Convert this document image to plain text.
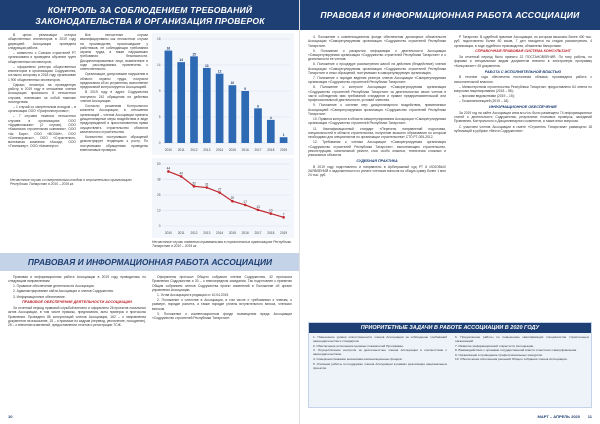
КОНТРОЛЬ ЗА СОБЛЮДЕНИЕМ ТРЕБОВАНИЙ ЗАКОНОДАТЕЛЬСТВА И ОРГАНИЗАЦИЯ ПРОВЕРОК

В целях реализации статуса общественных инспекторов в 2019 году дирекцией Ассоциации проведена следующая работа:

– совместно с Союзом строителей РТ организована и проведена обучение групп общественных инспекторов;

– оформлены реестры общественных инспекторов в организациях Содружества, согласно которому в 2018 году организован 1 900 общественных инспекторов.

Однако, несмотря на проведенную работу, в 2019 году в отношении членов Ассоциации произошло 8 несчастных случаев, повлекших за собой тяжелые последствия:

– 1 случай со смертельным исходом – в организации ООО «Графтэлектроникс»;

– 7 случаев тяжелых несчастных случаев в организациях: ООО «Ардаволжская» (2 случая), ООО «Казанская строительная компания», ООО «Ак Барс», ООО «ВОЗАН», ООО «Синеморовскс», ООО «Строительно-монтажная компания «Аскад», ООО «Татинжеер», ООО «Камэнерго».

Все несчастные случаи квалифицированы как несчастные случаи на производстве, произошедшие у работников, не соблюдающих требования охраны труда, а также нарушивших требования безопасности. Дисциплинированные лица, выявленные в ходе расследования, привлечены к ответственности.

Организации, допустившие нарушения в области охраны труда, получили предписания об их устранении, выполнение предписаний контролируется Ассоциацией.

В 2019 году в адрес Содружества поступило 242 обращения на действия членов Ассоциации.

Согласно решениям Контрольного комитета Ассоциации, в отношении организаций – членов Ассоциации приняты дисциплинарные меры воздействия в виде предупреждений и приостановления права осуществлять строительство объектов капитального строительства.

Количество поступивших обращений демонстрирует тенденцию к росту. По поступившим обращениям проведены внеплановые проверки.

0
5
9
14
18
16
14
15
13
12
10
9
6
4
1
2010 2011 2012 2013 2014 2015 2016 2017 2018 2019
Несчастные случаи со смертельным исходом в строительных организациях Республики Татарстан в 2010 – 2019 гг.
0
13
25
38
50
44
40
32	31
27
20
17
13
10
7
2010 2011 2012 2013 2014 2015 2016 2017 2018 2019
Несчастные случаи тяжелого травматизма в строительных организациях Республики Татарстан в 2010 – 2019 гг.
ПРАВОВАЯ И ИНФОРМАЦИОННАЯ РАБОТА АССОЦИАЦИИ

Правовая и информационная работа Ассоциации в 2019 году проводилась по следующим направлениям:

1. Правовое обеспечение деятельности Ассоциации.

2. Администрирование сайта Ассоциации и членов Содружества.

3. Информационное обеспечение.

ПРАВОВОЕ ОБЕСПЕЧЕНИЕ ДЕЯТЕЛЬНОСТИ АССОЦИАЦИИ

За отчетный период правовой службой внесено и оформлено 26 проектов локальных актов Ассоциации, в том числе приказы, предписания, акты проверок и протоколы Правления. Проведено 86 консультаций членов Ассоциации, 162 – о направлении документов на взыскание, 15 – о приказах по кадрам (перевод, увольнение, поощрение), 25 – о внесении изменений, предоставлении отчетов и регистрации ТСЖ.

Оформлены протокол Общего собрания членов Содружества, 32 протокола Правления Содружества и 30 – о внеочередном заседании. Так подготовлен к принятию Общим собранием членов Содружества проект изменений в Положение об органе управления Ассоциации.

1. Устав Ассоциации в редакции от 10.04.2019.

2. Положение о членстве в Ассоциации, в том числе о требованиях к членам, о размере, порядке расчета, а также порядке уплаты вступительного взноса, членских взносов.

3. Положение о компенсационном фонде возмещения вреда Ассоциации «Содружество строителей Республики Татарстан».

10
ПРАВОВАЯ И ИНФОРМАЦИОННАЯ РАБОТА АССОЦИАЦИИ

4. Положение о компенсационном фонде обеспечения договорных обязательств Ассоциации «Саморегулируемая организация «Содружество строителей Республики Татарстан».

5. Положение о раскрытии информации о деятельности Ассоциации «Саморегулируемая организация «Содружество строителей Республики Татарстан» и о деятельности ее членов.

6. Положение о процедуре рассмотрения жалоб на действия (бездействие) членов Ассоциации «Саморегулируемая организация «Содружество строителей Республики Татарстан» и иных обращений, поступивших в саморегулируемую организацию.

7. Положение о порядке ведения реестра членов Ассоциации «Саморегулируемая организация «Содружество строителей Республики Татарстан».

8. Положение о контроле Ассоциации «Саморегулируемая организация «Содружество строителей Республики Татарстан» за деятельностью своих членов в части соблюдения ими требований стандартов и правил предпринимательской или профессиональной деятельности, условий членства.

9. Положение о системе мер дисциплинарного воздействия, применяемых Ассоциацией «Саморегулируемая организация «Содружество строителей Республики Татарстан».

10. Правила контроля в области саморегулирования Ассоциации «Саморегулируемая организация «Содружество строителей Республики Татарстан».

11. Квалификационный стандарт «Перечень направлений подготовки, специальностей в области строительства, получение высшего образования по которым необходимо для специалистов по организации строительства» СТО РТ-005-2012.

12. Требования к членам Ассоциации «Саморегулируемая организация «Содружество строителей Республики Татарстан», выполняющим строительство, реконструкцию, капитальный ремонт, снос особо опасных, технически сложных и уникальных объектов.

СУДЕБНАЯ ПРАКТИКА

В 2019 году подготовлено и направлено в Арбитражный суд РТ 8 ИСКОВЫХ ЗАЯВЛЕНИЙ о задолженности по уплате членских взносов на общую сумму более 1 млн 24 тыс. руб.

Р Татарстан. В судебной практике Ассоциации, по которым взыскано более 400 тыс. руб. подготовлено более 60 исков, 7 дел находится на стадии рассмотрения, 4 организации, в ходе судебного производства, объявлены банкротами.

СПРАВОЧНАЯ ПРАВОВАЯ СИСТЕМА КОНСУЛЬТАНТ

За отчетный период было принято 22 ПОСТАНОВЛЕНИЯ. По типу работы, по формам и специальным видам документов внесено в электронную программу «Консультант» 45 документов.

РАБОТА С ИСПОЛНИТЕЛЬНОЙ ВЛАСТЬЮ

В течение года обеспечена постоянная обновка, произведена работа с исполнительной властью:

– Министерством строительства Республики Татарстан: предоставлено 64 ответа по вопросам лицензирования (2018 – 58);

– прочими ведомствами (2019 – 15);

– Госжилинспекцией (2019 – 18).

ИНФОРМАЦИОННОЕ ОБЕСПЕЧЕНИЕ

За 2019 год на сайте Ассоциации www.sro-rt.ru было размещено 74 информационных статей о деятельности Содружества, результатах плановых проверок, заседаний Правления, Контрольного и Дисциплинарного комитетов, а также иных вопросах.

С участием членов Ассоциации в газете «Строитель Татарстана» размещено 18 публикаций в рубрике «Вести Содружества».

ПРИОРИТЕТНЫЕ ЗАДАЧИ В РАБОТЕ АССОЦИАЦИИ В 2020 ГОДУ

1. Повышение уровня ответственности членов Ассоциации за соблюдение требований законодательства и стандартов.

2. Обеспечение исполнения целевых показателей Программы.

3. Осуществление контроля за деятельностью членов Ассоциации в соответствии с законодательством.

4. Совершенствование механизма компенсационных фондов.

5. Усиление работы по поддержке членов Ассоциации в рамках реализации национальных проектов.

6. Продолжение работы по повышению квалификации специалистов строительных организаций.

7. Развитие информационной открытости Ассоциации.

8. Взаимодействие с органами государственной власти и местного самоуправления.

9. Организация и проведение профессиональных конкурсов.

10. Обеспечение исполнения решений Общего собрания членов Ассоциации.

МАРТ – АПРЕЛЬ 2020 11
